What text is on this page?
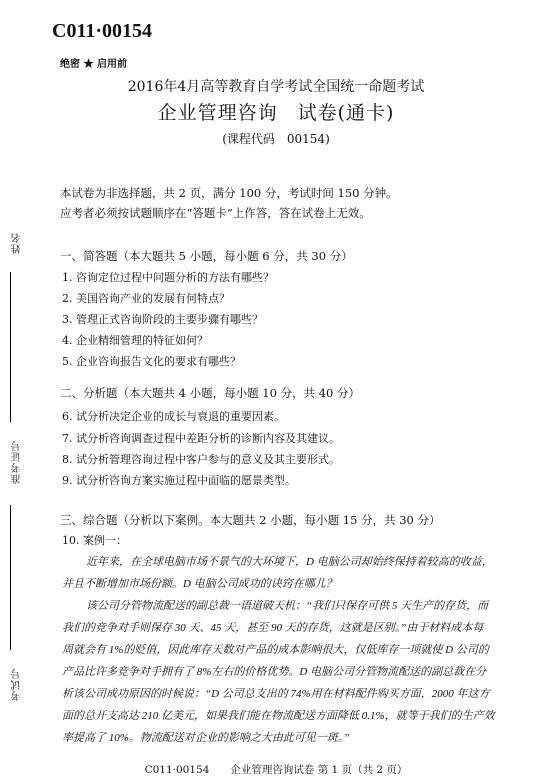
C011·00154
绝密 ★ 启用前
2016年4月高等教育自学考试全国统一命题考试
企业管理咨询　试卷(通卡)
(课程代码　00154)
本试卷为非选择题，共 2 页，满分 100 分，考试时间 150 分钟。
应考者必须按试题顺序在“答题卡”上作答，答在试卷上无效。
一、简答题（本大题共 5 小题，每小题 6 分，共 30 分）
1. 咨询定位过程中问题分析的方法有哪些？
2. 美国咨询产业的发展有何特点？
3. 管理正式咨询阶段的主要步骤有哪些？
4. 企业精细管理的特征如何？
5. 企业咨询报告文化的要求有哪些？
二、分析题（本大题共 4 小题，每小题 10 分，共 40 分）
6. 试分析决定企业的成长与衰退的重要因素。
7. 试分析咨询调查过程中差距分析的诊断内容及其建议。
8. 试分析管理咨询过程中客户参与的意义及其主要形式。
9. 试分析咨询方案实施过程中面临的愿景类型。
三、综合题（分析以下案例。本大题共 2 小题，每小题 15 分，共 30 分）
10. 案例一：
近年来，在全球电脑市场不景气的大环境下，D 电脑公司却始终保持着较高的收益，
并且不断增加市场份额。D 电脑公司成功的诀窍在哪儿？
该公司分管物流配送的副总裁一语道破天机：“我们只保存可供 5 天生产的存货，而
我们的竞争对手则保存 30 天、45 天，甚至 90 天的存货，这就是区别。”由于材料成本每
周就会有 1%的贬值，因此库存天数对产品的成本影响很大，仅低库存一项就使 D 公司的
产品比许多竞争对手拥有了 8%左右的价格优势。D 电脑公司分管物流配送的副总裁在分
析该公司成功原因的时候说：“D 公司总支出的 74%用在材料配件购买方面，2000 年这方
面的总开支高达 210 亿美元，如果我们能在物流配送方面降低 0.1%，就等于我们的生产效
率提高了 10%。物流配送对企业的影响之大由此可见一斑。”
姓名
准考证号
考试号
C011·00154　　企业管理咨询试卷 第 1 页（共 2 页）
